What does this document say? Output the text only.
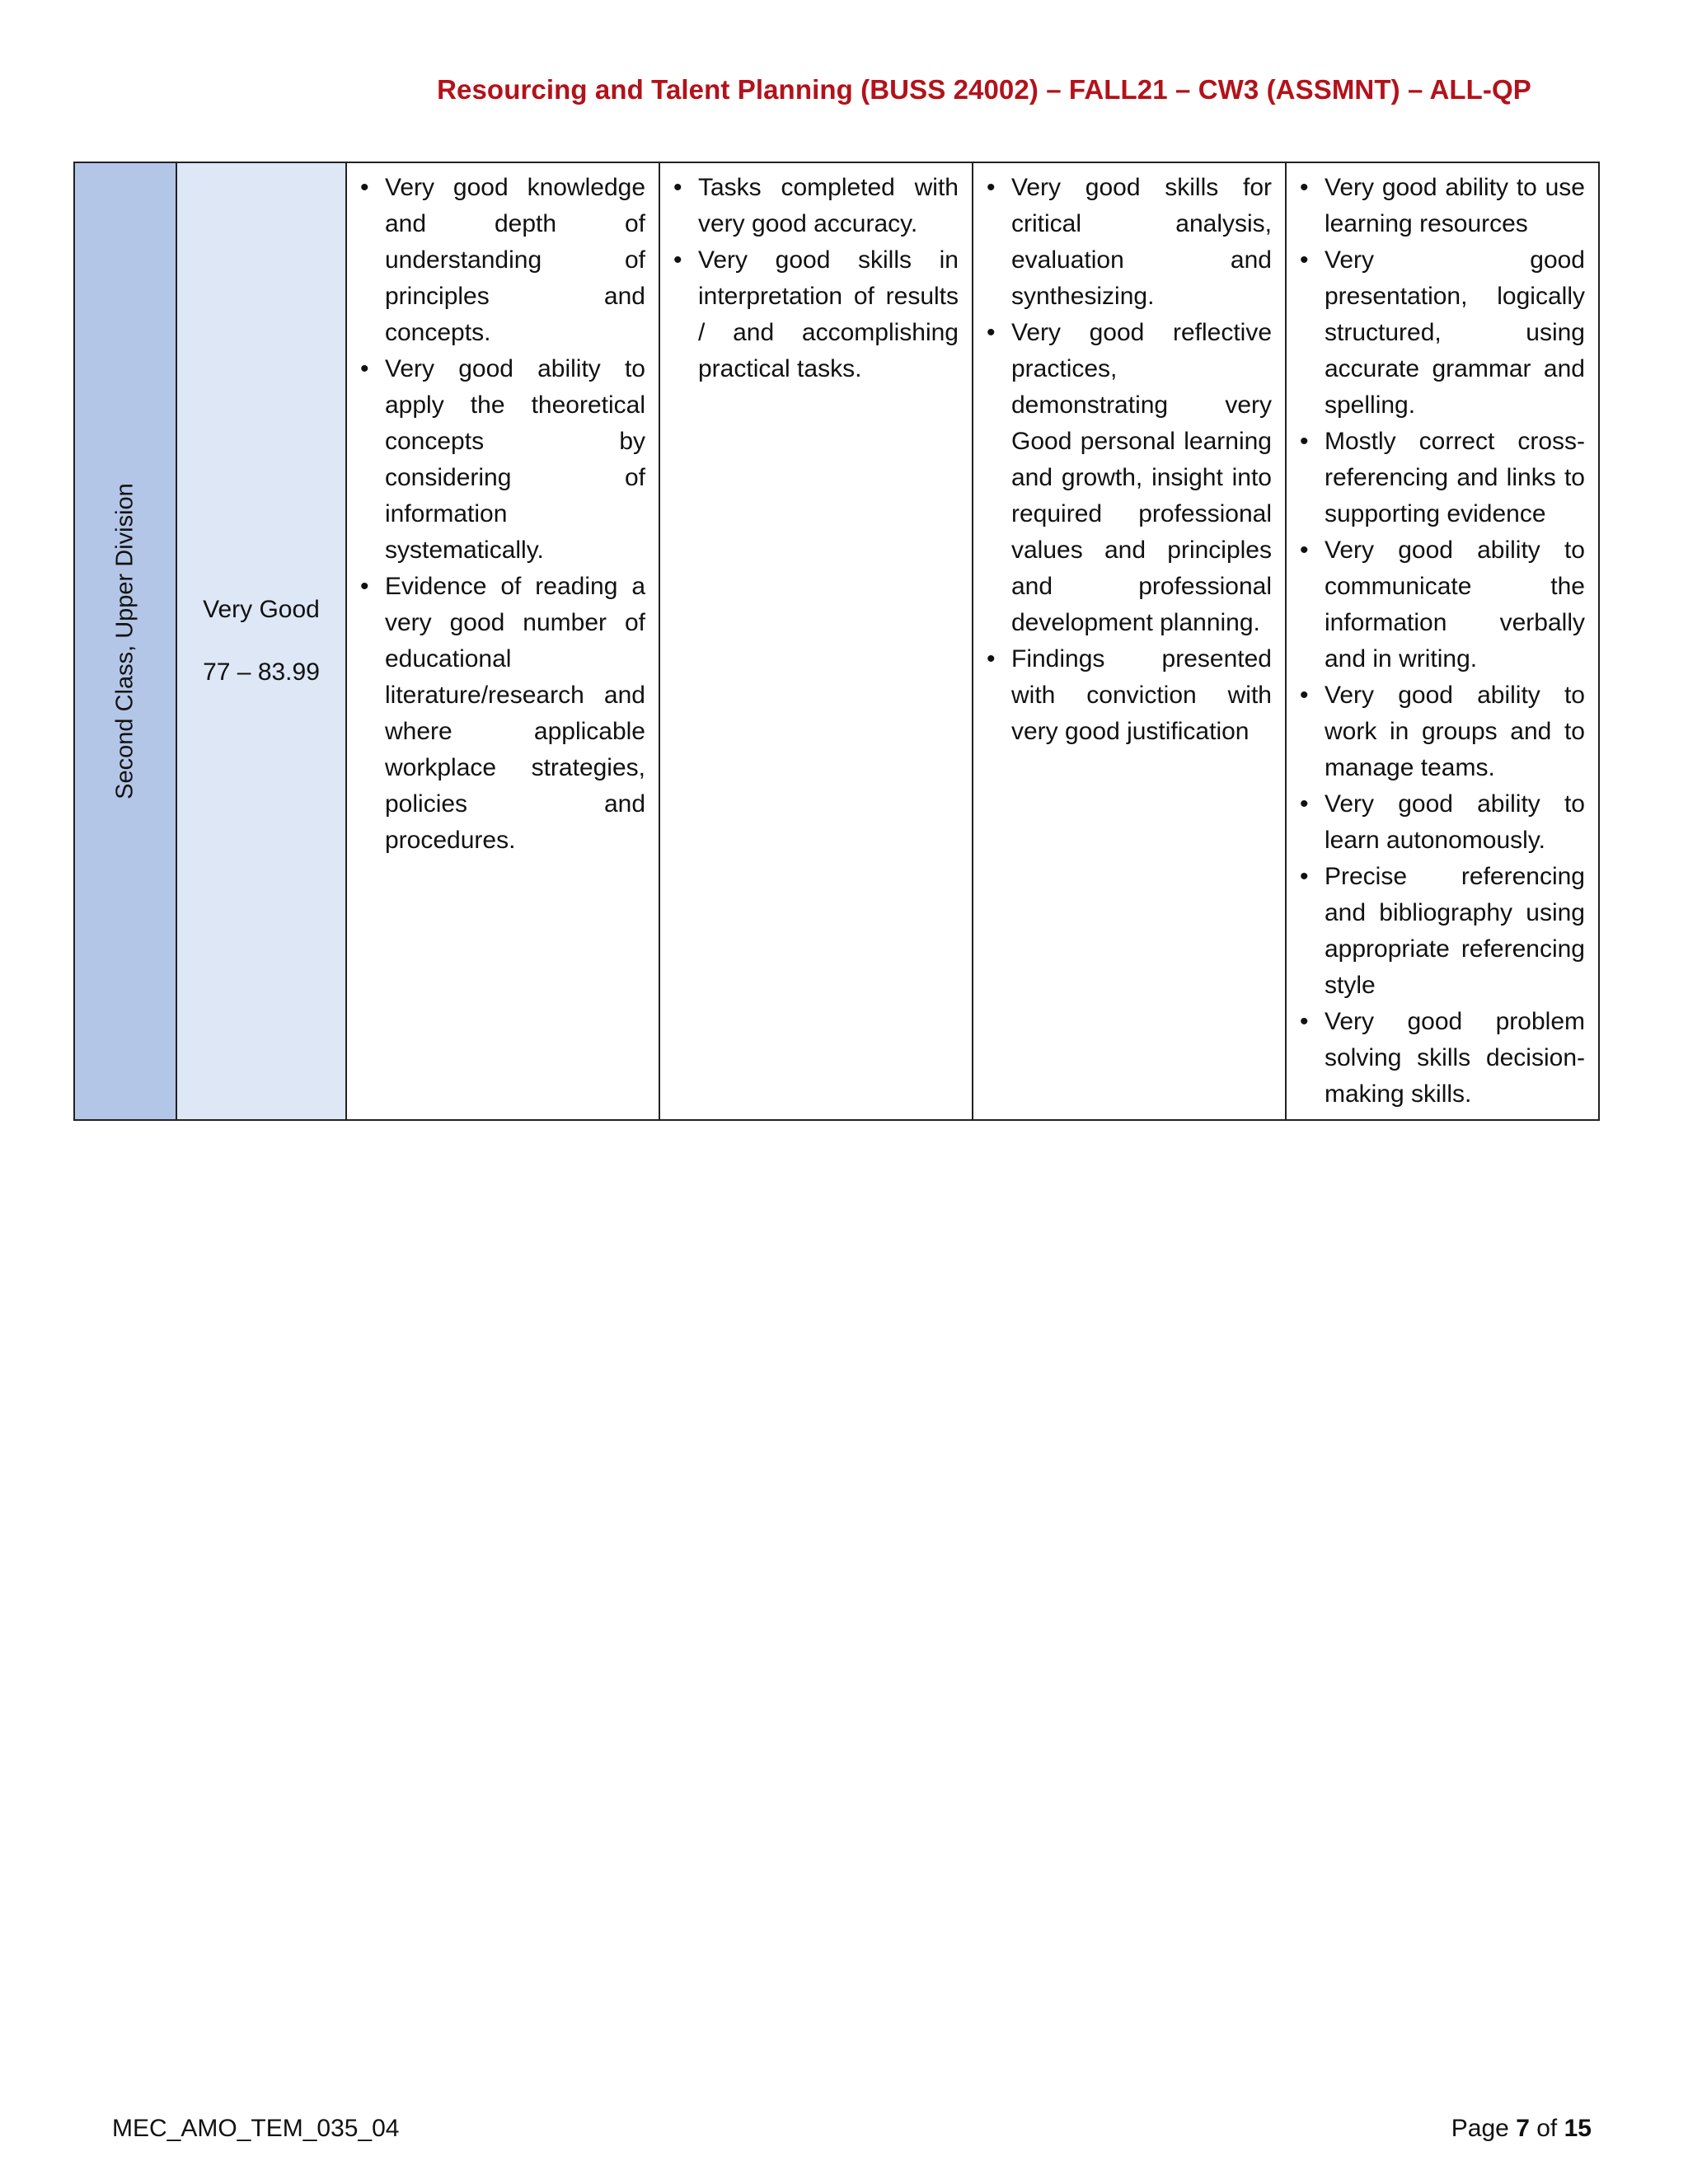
Resourcing and Talent Planning (BUSS 24002) – FALL21 – CW3 (ASSMNT) – ALL-QP
Second Class, Upper Division	Very Good
77 – 83.99

• Very good knowledge and depth of understanding of principles and concepts.
• Very good ability to apply the theoretical concepts by considering of information systematically.
• Evidence of reading a very good number of educational literature/research and where applicable workplace strategies, policies and procedures.

• Tasks completed with very good accuracy.
• Very good skills in interpretation of results / and accomplishing practical tasks.

• Very good skills for critical analysis, evaluation and synthesizing.
• Very good reflective practices, demonstrating very Good personal learning and growth, insight into required professional values and principles and professional development planning.
• Findings presented with conviction with very good justification

• Very good ability to use learning resources
• Very good presentation, logically structured, using accurate grammar and spelling.
• Mostly correct cross-referencing and links to supporting evidence
• Very good ability to communicate the information verbally and in writing.
• Very good ability to work in groups and to manage teams.
• Very good ability to learn autonomously.
• Precise referencing and bibliography using appropriate referencing style
• Very good problem solving skills decision-making skills.
MEC_AMO_TEM_035_04	Page 7 of 15
